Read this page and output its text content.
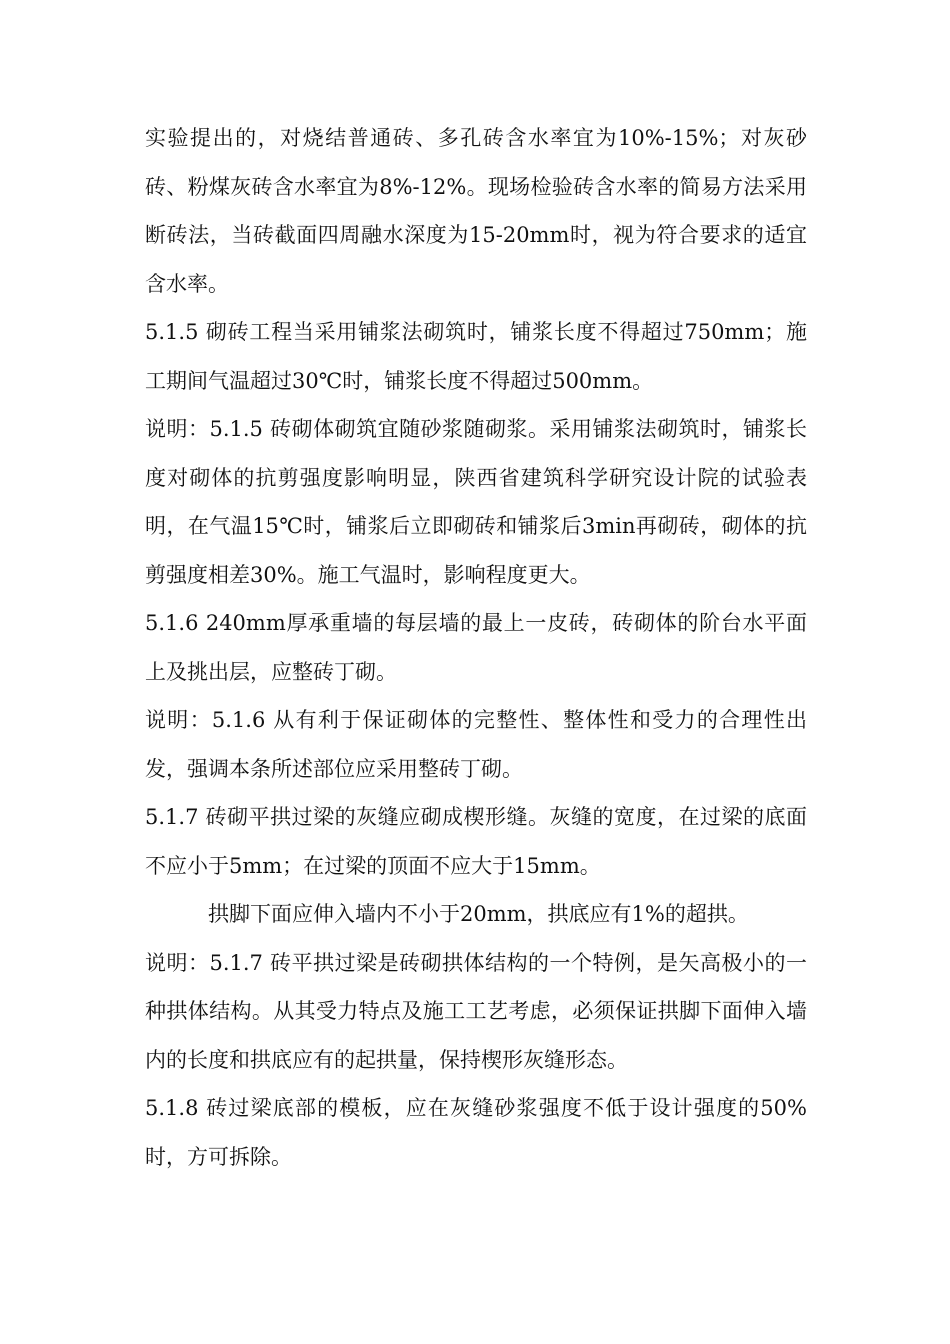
实验提出的，对烧结普通砖、多孔砖含水率宜为10%-15%；对灰砂砖、粉煤灰砖含水率宜为8%-12%。现场检验砖含水率的简易方法采用断砖法，当砖截面四周融水深度为15-20mm时，视为符合要求的适宜含水率。

5.1.5 砌砖工程当采用铺浆法砌筑时，铺浆长度不得超过750mm；施工期间气温超过30℃时，铺浆长度不得超过500mm。

说明：5.1.5 砖砌体砌筑宜随砂浆随砌浆。采用铺浆法砌筑时，铺浆长度对砌体的抗剪强度影响明显，陕西省建筑科学研究设计院的试验表明，在气温15℃时，铺浆后立即砌砖和铺浆后3min再砌砖，砌体的抗剪强度相差30%。施工气温时，影响程度更大。

5.1.6 240mm厚承重墙的每层墙的最上一皮砖，砖砌体的阶台水平面上及挑出层，应整砖丁砌。

说明：5.1.6 从有利于保证砌体的完整性、整体性和受力的合理性出发，强调本条所述部位应采用整砖丁砌。

5.1.7 砖砌平拱过梁的灰缝应砌成楔形缝。灰缝的宽度，在过梁的底面不应小于5mm；在过梁的顶面不应大于15mm。

拱脚下面应伸入墙内不小于20mm，拱底应有1%的超拱。

说明：5.1.7 砖平拱过梁是砖砌拱体结构的一个特例，是矢高极小的一种拱体结构。从其受力特点及施工工艺考虑，必须保证拱脚下面伸入墙内的长度和拱底应有的起拱量，保持楔形灰缝形态。

5.1.8 砖过梁底部的模板，应在灰缝砂浆强度不低于设计强度的50%时，方可拆除。
